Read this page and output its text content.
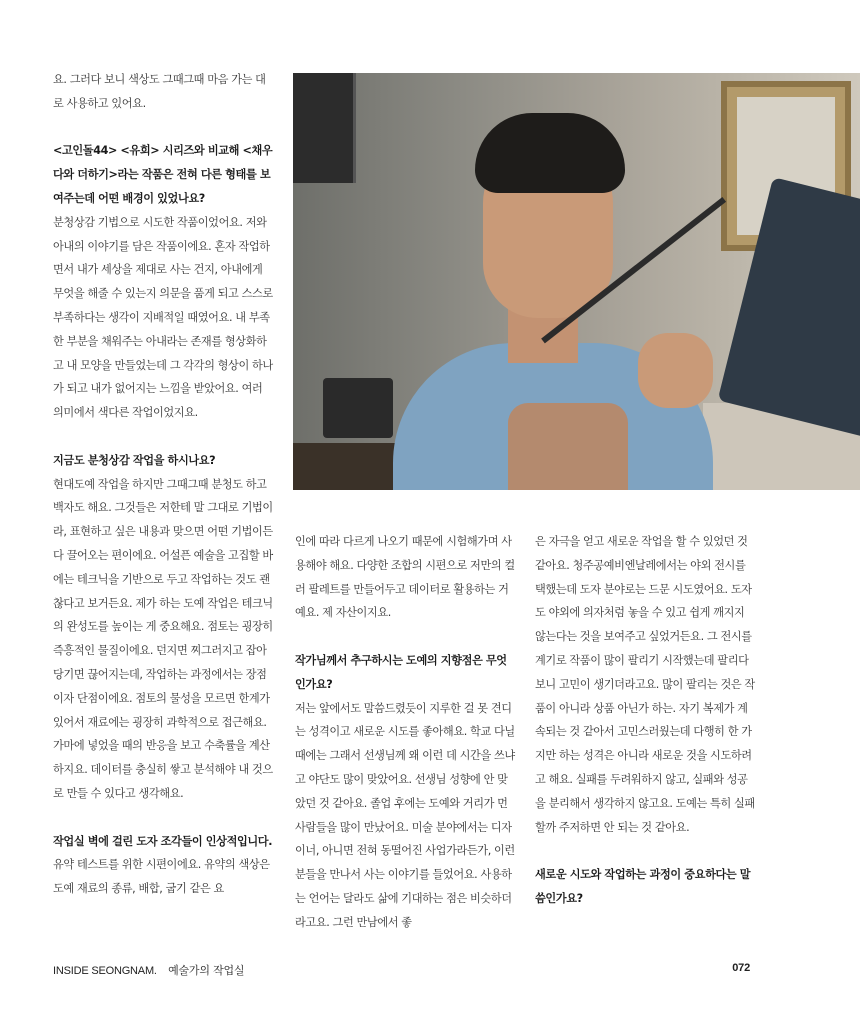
요. 그러다 보니 색상도 그때그때 마음 가는 대로 사용하고 있어요.

<고인돌44> <유희> 시리즈와 비교해 <채우다와 더하기>라는 작품은 전혀 다른 형태를 보여주는데 어떤 배경이 있었나요?

분청상감 기법으로 시도한 작품이었어요. 저와 아내의 이야기를 담은 작품이에요. 혼자 작업하면서 내가 세상을 제대로 사는 건지, 아내에게 무엇을 해줄 수 있는지 의문을 품게 되고 스스로 부족하다는 생각이 지배적일 때였어요. 내 부족한 부분을 채워주는 아내라는 존재를 형상화하고 내 모양을 만들었는데 그 각각의 형상이 하나가 되고 내가 없어지는 느낌을 받았어요. 여러 의미에서 색다른 작업이었지요.

지금도 분청상감 작업을 하시나요?

현대도예 작업을 하지만 그때그때 분청도 하고 백자도 해요. 그것들은 저한테 말 그대로 기법이라, 표현하고 싶은 내용과 맞으면 어떤 기법이든 다 끌어오는 편이에요. 어설픈 예술을 고집할 바에는 테크닉을 기반으로 두고 작업하는 것도 괜찮다고 보거든요. 제가 하는 도예 작업은 테크닉의 완성도를 높이는 게 중요해요. 점토는 굉장히 즉흥적인 물질이에요. 던지면 찌그러지고 잡아당기면 끊어지는데, 작업하는 과정에서는 장점이자 단점이에요. 점토의 물성을 모르면 한계가 있어서 재료에는 굉장히 과학적으로 접근해요. 가마에 넣었을 때의 반응을 보고 수축률을 계산하지요. 데이터를 충실히 쌓고 분석해야 내 것으로 만들 수 있다고 생각해요.

작업실 벽에 걸린 도자 조각들이 인상적입니다.

유약 테스트를 위한 시편이에요. 유약의 색상은 도예 재료의 종류, 배합, 굽기 같은 요

인에 따라 다르게 나오기 때문에 시험해가며 사용해야 해요. 다양한 조합의 시편으로 저만의 컬러 팔레트를 만들어두고 데이터로 활용하는 거예요. 제 자산이지요.

작가님께서 추구하시는 도예의 지향점은 무엇인가요?

저는 앞에서도 말씀드렸듯이 지루한 걸 못 견디는 성격이고 새로운 시도를 좋아해요. 학교 다닐 때에는 그래서 선생님께 왜 이런 데 시간을 쓰냐고 야단도 많이 맞았어요. 선생님 성향에 안 맞았던 것 같아요. 졸업 후에는 도예와 거리가 먼 사람들을 많이 만났어요. 미술 분야에서는 디자이너, 아니면 전혀 동떨어진 사업가라든가, 이런 분들을 만나서 사는 이야기를 들었어요. 사용하는 언어는 달라도 삶에 기대하는 점은 비슷하더라고요. 그런 만남에서 좋

은 자극을 얻고 새로운 작업을 할 수 있었던 것 같아요. 청주공예비엔날레에서는 야외 전시를 택했는데 도자 분야로는 드문 시도였어요. 도자도 야외에 의자처럼 놓을 수 있고 쉽게 깨지지 않는다는 것을 보여주고 싶었거든요. 그 전시를 계기로 작품이 많이 팔리기 시작했는데 팔리다 보니 고민이 생기더라고요. 많이 팔리는 것은 작품이 아니라 상품 아닌가 하는. 자기 복제가 계속되는 것 같아서 고민스러웠는데 다행히 한 가지만 하는 성격은 아니라 새로운 것을 시도하려고 해요. 실패를 두려워하지 않고, 실패와 성공을 분리해서 생각하지 않고요. 도예는 특히 실패할까 주저하면 안 되는 것 같아요.

새로운 시도와 작업하는 과정이 중요하다는 말씀인가요?

INSIDE SEONGNAM. 예술가의 작업실	072
